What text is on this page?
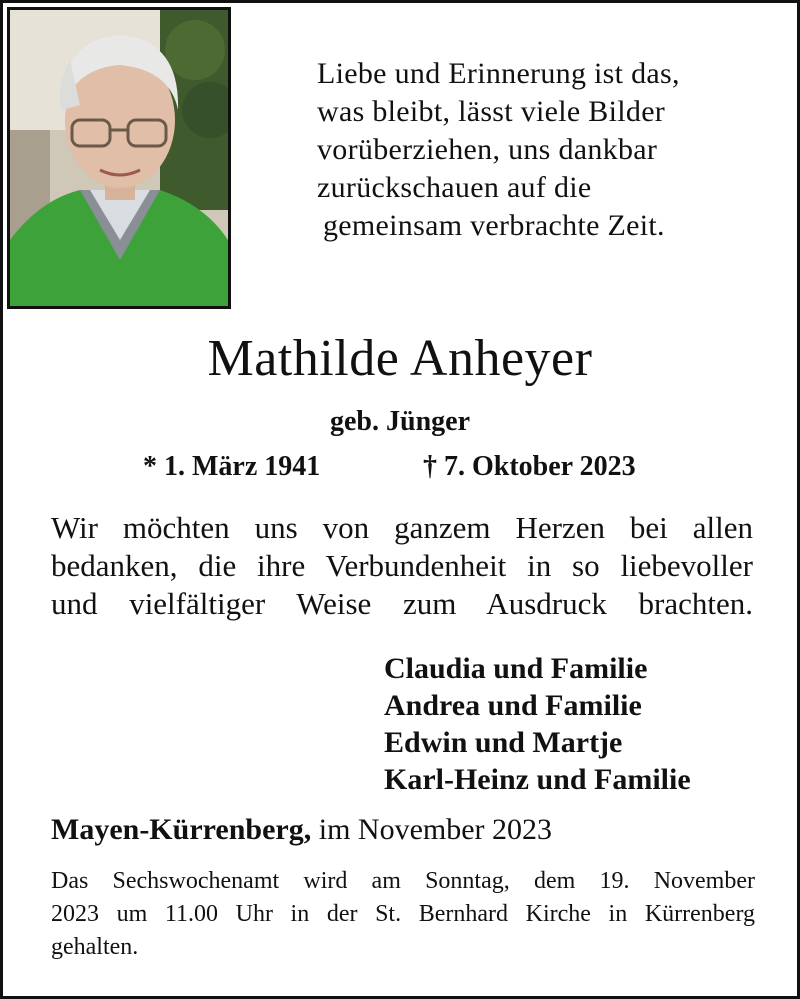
Liebe und Erinnerung ist das,
was bleibt, lässt viele Bilder
vorüberziehen, uns dankbar
zurückschauen auf die
gemeinsam verbrachte Zeit.
Mathilde Anheyer
geb. Jünger
* 1. März 1941	† 7. Oktober 2023
Wir möchten uns von ganzem Herzen bei allen
bedanken, die ihre Verbundenheit in so liebevoller
und vielfältiger Weise zum Ausdruck brachten.
Claudia und Familie
Andrea und Familie
Edwin und Martje
Karl-Heinz und Familie
Mayen-Kürrenberg, im November 2023
Das Sechswochenamt wird am Sonntag, dem 19. November
2023 um 11.00 Uhr in der St. Bernhard Kirche in Kürrenberg
gehalten.
